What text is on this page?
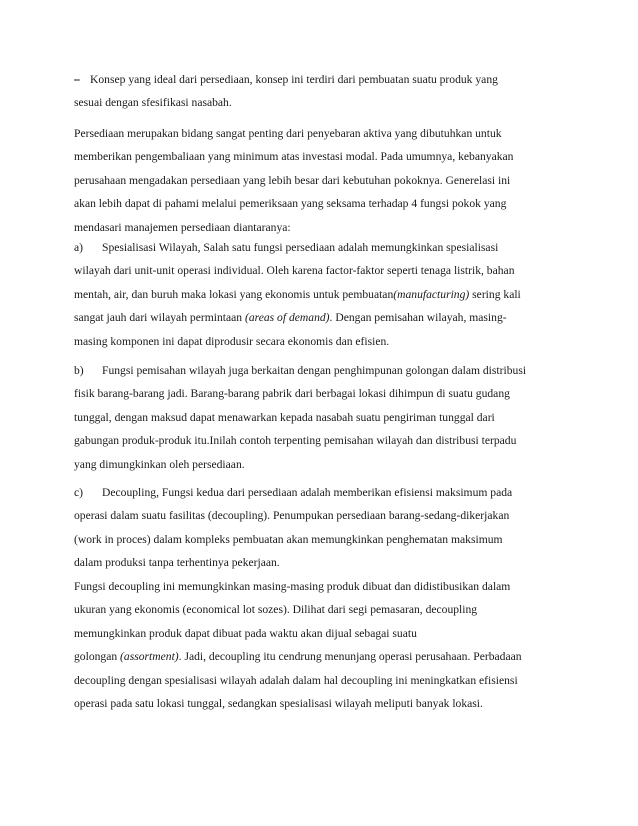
⎯ Konsep yang ideal dari persediaan, konsep ini terdiri dari pembuatan suatu produk yang
sesuai dengan sfesifikasi nasabah.
Persediaan merupakan bidang sangat penting dari penyebaran aktiva yang dibutuhkan untuk
memberikan pengembaliaan yang minimum atas investasi modal. Pada umumnya, kebanyakan
perusahaan mengadakan persediaan yang lebih besar dari kebutuhan pokoknya. Generelasi ini
akan lebih dapat di pahami melalui pemeriksaan yang seksama terhadap 4 fungsi pokok yang
mendasari manajemen persediaan diantaranya:
a) Spesialisasi Wilayah, Salah satu fungsi persediaan adalah memungkinkan spesialisasi
wilayah dari unit-unit operasi individual. Oleh karena factor-faktor seperti tenaga listrik, bahan
mentah, air, dan buruh maka lokasi yang ekonomis untuk pembuatan(manufacturing) sering kali
sangat jauh dari wilayah permintaan (areas of demand). Dengan pemisahan wilayah, masing-
masing komponen ini dapat diprodusir secara ekonomis dan efisien.
b) Fungsi pemisahan wilayah juga berkaitan dengan penghimpunan golongan dalam distribusi
fisik barang-barang jadi. Barang-barang pabrik dari berbagai lokasi dihimpun di suatu gudang
tunggal, dengan maksud dapat menawarkan kepada nasabah suatu pengiriman tunggal dari
gabungan produk-produk itu.Inilah contoh terpenting pemisahan wilayah dan distribusi terpadu
yang dimungkinkan oleh persediaan.
c) Decoupling, Fungsi kedua dari persediaan adalah memberikan efisiensi maksimum pada
operasi dalam suatu fasilitas (decoupling). Penumpukan persediaan barang-sedang-dikerjakan
(work in proces) dalam kompleks pembuatan akan memungkinkan penghematan maksimum
dalam produksi tanpa terhentinya pekerjaan.
Fungsi decoupling ini memungkinkan masing-masing produk dibuat dan didistibusikan dalam
ukuran yang ekonomis (economical lot sozes). Dilihat dari segi pemasaran, decoupling
memungkinkan produk dapat dibuat pada waktu akan dijual sebagai suatu
golongan (assortment). Jadi, decoupling itu cendrung menunjang operasi perusahaan. Perbadaan
decoupling dengan spesialisasi wilayah adalah dalam hal decoupling ini meningkatkan efisiensi
operasi pada satu lokasi tunggal, sedangkan spesialisasi wilayah meliputi banyak lokasi.
